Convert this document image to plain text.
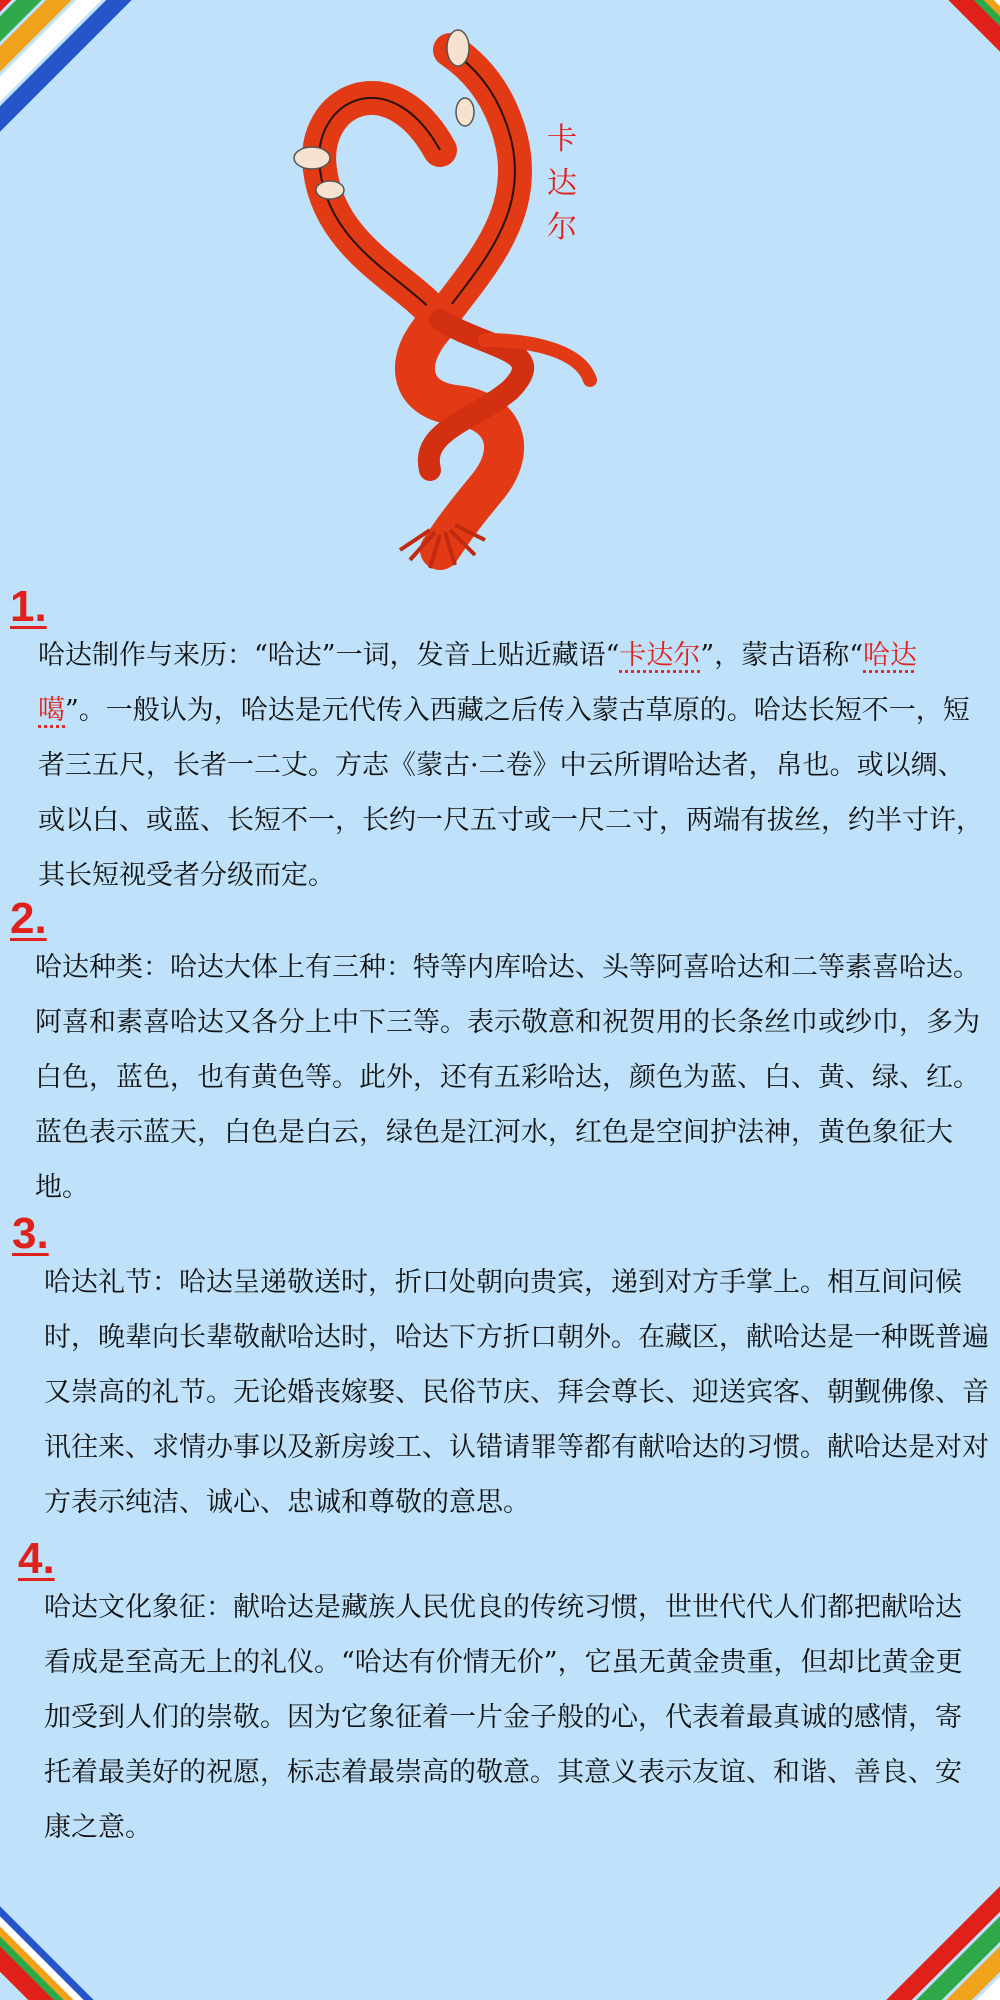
卡
达
尔
1.

哈达制作与来历：“哈达”一词，发音上贴近藏语“卡达尔”，蒙古语称“哈达噶”。一般认为，哈达是元代传入西藏之后传入蒙古草原的。哈达长短不一，短者三五尺，长者一二丈。方志《蒙古·二卷》中云所谓哈达者，帛也。或以绸、或以白、或蓝、长短不一，长约一尺五寸或一尺二寸，两端有拔丝，约半寸许，其长短视受者分级而定。

2.

哈达种类：哈达大体上有三种：特等内库哈达、头等阿喜哈达和二等素喜哈达。阿喜和素喜哈达又各分上中下三等。表示敬意和祝贺用的长条丝巾或纱巾，多为白色，蓝色，也有黄色等。此外，还有五彩哈达，颜色为蓝、白、黄、绿、红。蓝色表示蓝天，白色是白云，绿色是江河水，红色是空间护法神，黄色象征大地。

3.

哈达礼节：哈达呈递敬送时，折口处朝向贵宾，递到对方手掌上。相互间问候时，晚辈向长辈敬献哈达时，哈达下方折口朝外。在藏区，献哈达是一种既普遍又崇高的礼节。无论婚丧嫁娶、民俗节庆、拜会尊长、迎送宾客、朝觐佛像、音讯往来、求情办事以及新房竣工、认错请罪等都有献哈达的习惯。献哈达是对对方表示纯洁、诚心、忠诚和尊敬的意思。

4.

哈达文化象征：献哈达是藏族人民优良的传统习惯，世世代代人们都把献哈达看成是至高无上的礼仪。“哈达有价情无价”，它虽无黄金贵重，但却比黄金更加受到人们的崇敬。因为它象征着一片金子般的心，代表着最真诚的感情，寄托着最美好的祝愿，标志着最崇高的敬意。其意义表示友谊、和谐、善良、安康之意。
